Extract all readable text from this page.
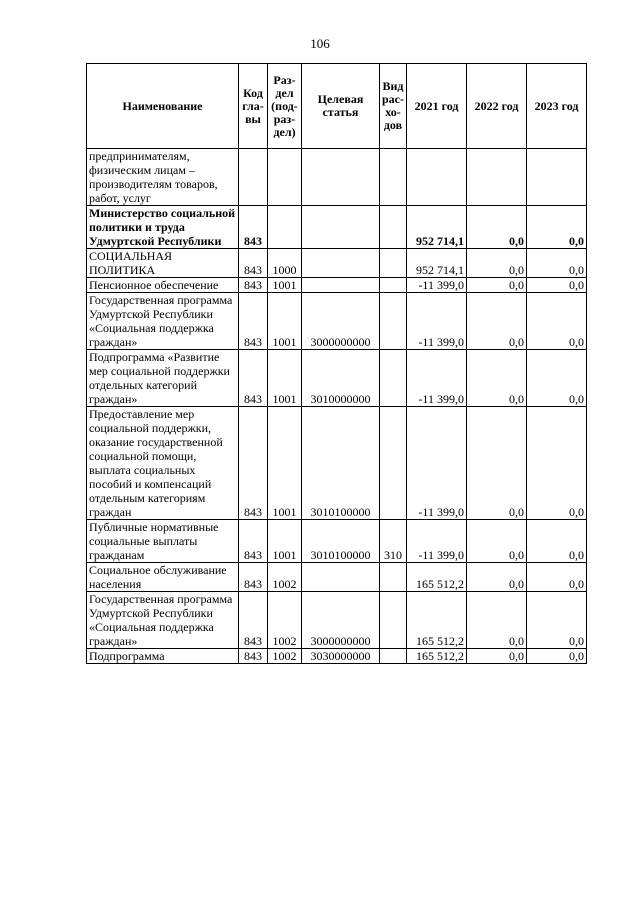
106
Наименование	Код гла- вы	Раз- дел (под- раз- дел)	Целевая статья	Вид рас- хо- дов	2021 год	2022 год	2023 год
предпринимателям, физическим лицам – производителям товаров, работ, услуг							
Министерство социальной политики и труда Удмуртской Республики	843				952 714,1	0,0	0,0
СОЦИАЛЬНАЯ ПОЛИТИКА	843	1000			952 714,1	0,0	0,0
Пенсионное обеспечение	843	1001			-11 399,0	0,0	0,0
Государственная программа Удмуртской Республики «Социальная поддержка граждан»	843	1001	3000000000		-11 399,0	0,0	0,0
Подпрограмма «Развитие мер социальной поддержки отдельных категорий граждан»	843	1001	3010000000		-11 399,0	0,0	0,0
Предоставление мер социальной поддержки, оказание государственной социальной помощи, выплата социальных пособий и компенсаций отдельным категориям граждан	843	1001	3010100000		-11 399,0	0,0	0,0
Публичные нормативные социальные выплаты гражданам	843	1001	3010100000	310	-11 399,0	0,0	0,0
Социальное обслуживание населения	843	1002			165 512,2	0,0	0,0
Государственная программа Удмуртской Республики «Социальная поддержка граждан»	843	1002	3000000000		165 512,2	0,0	0,0
Подпрограмма	843	1002	3030000000		165 512,2	0,0	0,0
